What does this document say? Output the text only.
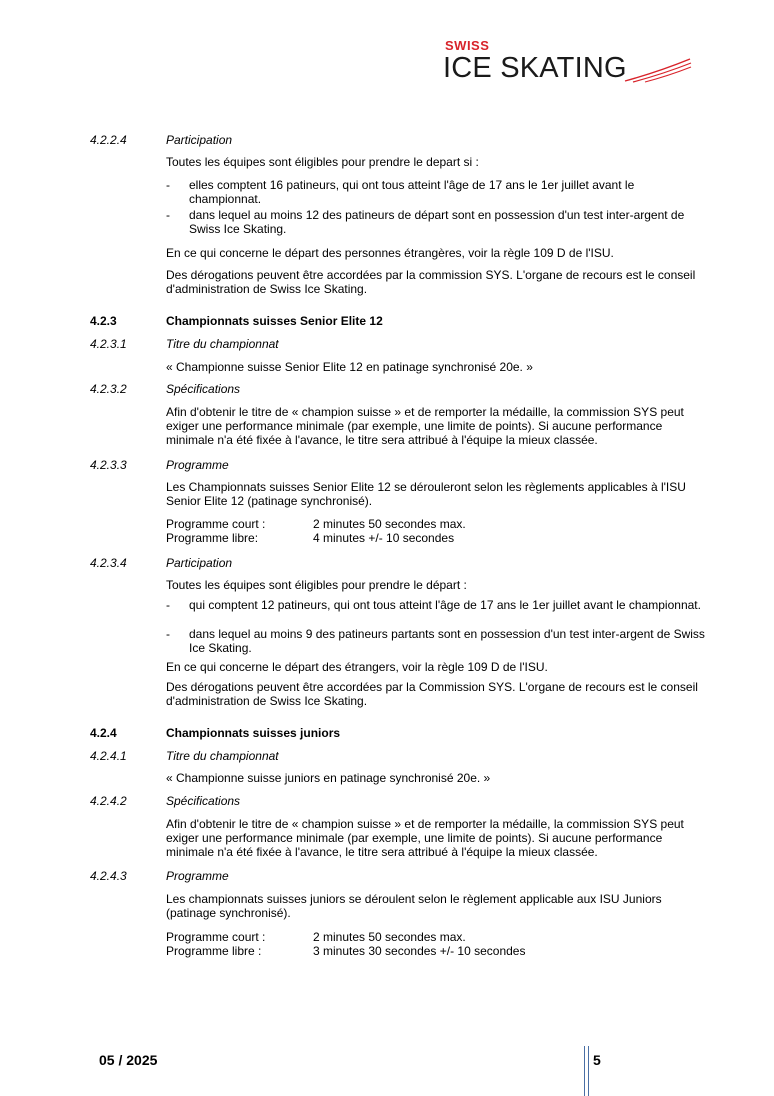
SWISS
ICE SKATING
4.2.2.4	Participation
Toutes les équipes sont éligibles pour prendre le depart si :
- elles comptent 16 patineurs, qui ont tous atteint l'âge de 17 ans le 1er juillet avant le championnat.
- dans lequel au moins 12 des patineurs de départ sont en possession d'un test inter-argent de Swiss Ice Skating.
En ce qui concerne le départ des personnes étrangères, voir la règle 109 D de l'ISU.
Des dérogations peuvent être accordées par la commission SYS. L'organe de recours est le conseil d'administration de Swiss Ice Skating.
4.2.3	Championnats suisses Senior Elite 12
4.2.3.1	Titre du championnat
« Championne suisse Senior Elite 12 en patinage synchronisé 20e. »
4.2.3.2	Spécifications
Afin d'obtenir le titre de « champion suisse » et de remporter la médaille, la commission SYS peut exiger une performance minimale (par exemple, une limite de points). Si aucune performance minimale n'a été fixée à l'avance, le titre sera attribué à l'équipe la mieux classée.
4.2.3.3	Programme
Les Championnats suisses Senior Elite 12 se dérouleront selon les règlements applicables à l'ISU Senior Elite 12 (patinage synchronisé).
Programme court :	2 minutes 50 secondes max.
Programme libre:	4 minutes +/- 10 secondes
4.2.3.4	Participation
Toutes les équipes sont éligibles pour prendre le départ :
- qui comptent 12 patineurs, qui ont tous atteint l'âge de 17 ans le 1er juillet avant le championnat.
- dans lequel au moins 9 des patineurs partants sont en possession d'un test inter-argent de Swiss Ice Skating.
En ce qui concerne le départ des étrangers, voir la règle 109 D de l'ISU.
Des dérogations peuvent être accordées par la Commission SYS. L'organe de recours est le conseil d'administration de Swiss Ice Skating.
4.2.4	Championnats suisses juniors
4.2.4.1	Titre du championnat
« Championne suisse juniors en patinage synchronisé 20e. »
4.2.4.2	Spécifications
Afin d'obtenir le titre de « champion suisse » et de remporter la médaille, la commission SYS peut exiger une performance minimale (par exemple, une limite de points). Si aucune performance minimale n'a été fixée à l'avance, le titre sera attribué à l'équipe la mieux classée.
4.2.4.3	Programme
Les championnats suisses juniors se déroulent selon le règlement applicable aux ISU Juniors (patinage synchronisé).
Programme court :	2 minutes 50 secondes max.
Programme libre :	3 minutes 30 secondes +/- 10 secondes
05 / 2025	5
